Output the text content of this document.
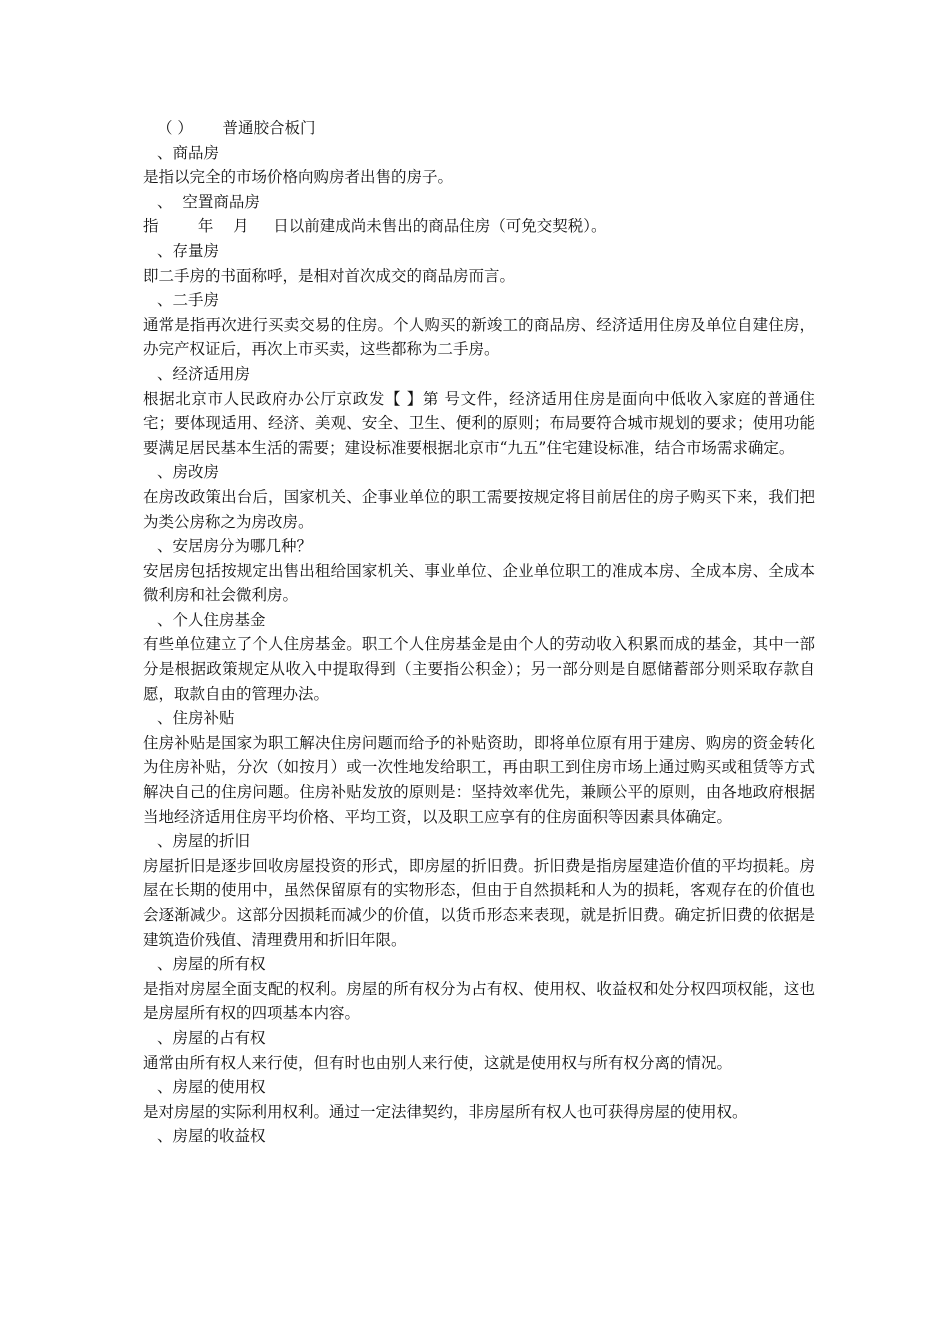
（ ）      普通胶合板门
、商品房
是指以完全的市场价格向购房者出售的房子。
、  空置商品房
指        年    月     日以前建成尚未售出的商品住房（可免交契税）。
、存量房
即二手房的书面称呼，是相对首次成交的商品房而言。
、二手房
通常是指再次进行买卖交易的住房。个人购买的新竣工的商品房、经济适用住房及单位自建住房，办完产权证后，再次上市买卖，这些都称为二手房。
、经济适用房
根据北京市人民政府办公厅京政发【 】第 号文件，经济适用住房是面向中低收入家庭的普通住宅；要体现适用、经济、美观、安全、卫生、便利的原则；布局要符合城市规划的要求；使用功能要满足居民基本生活的需要；建设标准要根据北京市“九五”住宅建设标准，结合市场需求确定。
、房改房
在房改政策出台后，国家机关、企事业单位的职工需要按规定将目前居住的房子购买下来，我们把为类公房称之为房改房。
、安居房分为哪几种？
安居房包括按规定出售出租给国家机关、事业单位、企业单位职工的准成本房、全成本房、全成本微利房和社会微利房。
、个人住房基金
有些单位建立了个人住房基金。职工个人住房基金是由个人的劳动收入积累而成的基金，其中一部分是根据政策规定从收入中提取得到（主要指公积金）；另一部分则是自愿储蓄部分则采取存款自愿，取款自由的管理办法。
、住房补贴
住房补贴是国家为职工解决住房问题而给予的补贴资助，即将单位原有用于建房、购房的资金转化为住房补贴，分次（如按月）或一次性地发给职工，再由职工到住房市场上通过购买或租赁等方式解决自己的住房问题。住房补贴发放的原则是：坚持效率优先，兼顾公平的原则，由各地政府根据当地经济适用住房平均价格、平均工资，以及职工应享有的住房面积等因素具体确定。
、房屋的折旧
房屋折旧是逐步回收房屋投资的形式，即房屋的折旧费。折旧费是指房屋建造价值的平均损耗。房屋在长期的使用中，虽然保留原有的实物形态，但由于自然损耗和人为的损耗，客观存在的价值也会逐渐减少。这部分因损耗而减少的价值，以货币形态来表现，就是折旧费。确定折旧费的依据是建筑造价残值、清理费用和折旧年限。
、房屋的所有权
是指对房屋全面支配的权利。房屋的所有权分为占有权、使用权、收益权和处分权四项权能，这也是房屋所有权的四项基本内容。
、房屋的占有权
通常由所有权人来行使，但有时也由别人来行使，这就是使用权与所有权分离的情况。
、房屋的使用权
是对房屋的实际利用权利。通过一定法律契约，非房屋所有权人也可获得房屋的使用权。
、房屋的收益权
